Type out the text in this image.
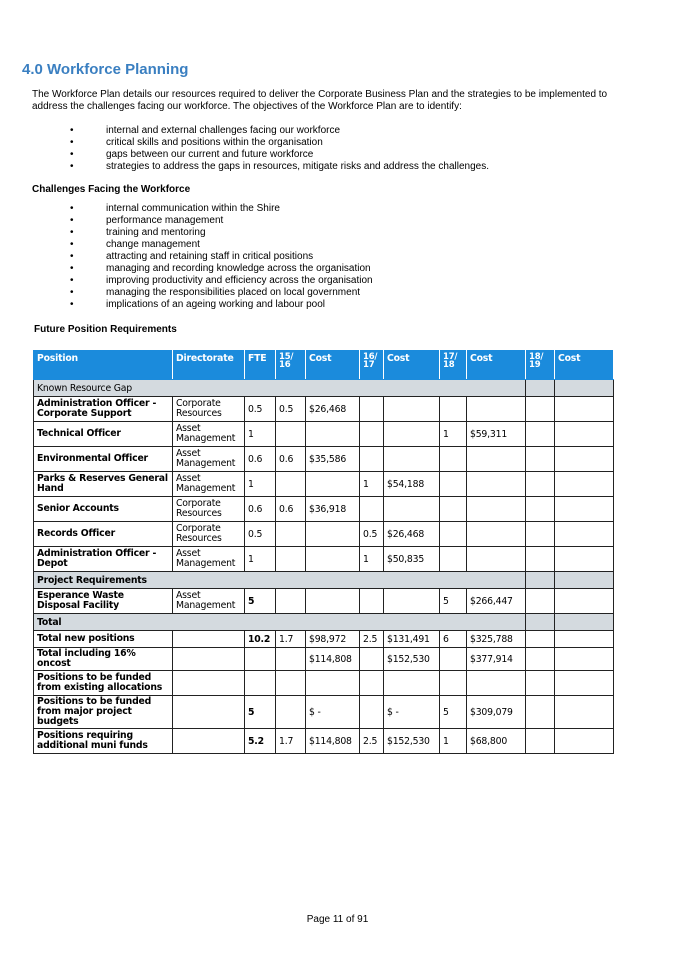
4.0 Workforce Planning
The Workforce Plan details our resources required to deliver the Corporate Business Plan and the strategies to be implemented to address the challenges facing our workforce. The objectives of the Workforce Plan are to identify:
•	internal and external challenges facing our workforce
•	critical skills and positions within the organisation
•	gaps between our current and future workforce
•	strategies to address the gaps in resources, mitigate risks and address the challenges.
Challenges Facing the Workforce
•	internal communication within the Shire
•	performance management
•	training and mentoring
•	change management
•	attracting and retaining staff in critical positions
•	managing and recording knowledge across the organisation
•	improving productivity and efficiency across the organisation
•	managing the responsibilities placed on local government
•	implications of an ageing working and labour pool
Future Position Requirements
Position	Directorate	FTE	15/ 16	Cost	16/ 17	Cost	17/ 18	Cost	18/ 19	Cost
Known Resource Gap										

Administration Officer - Corporate Support	Corporate Resources	0.5	0.5	$26,468						

Technical Officer	Asset Management	1					1	$59,311		

Environmental Officer	Asset Management	0.6	0.6	$35,586						

Parks & Reserves General Hand	Asset Management	1			1	$54,188				

Senior Accounts	Corporate Resources	0.6	0.6	$36,918						

Records Officer	Corporate Resources	0.5			0.5	$26,468				

Administration Officer - Depot	Asset Management	1			1	$50,835				
Project Requirements										

Esperance Waste Disposal Facility	Asset Management	5					5	$266,447		
Total										

Total new positions		10.2	1.7	$98,972	2.5	$131,491	6	$325,788		

Total including 16% oncost				$114,808		$152,530		$377,914		

Positions to be funded from existing allocations										

Positions to be funded from major project budgets		5		$ -		$ -	5	$309,079		

Positions requiring additional muni funds		5.2	1.7	$114,808	2.5	$152,530	1	$68,800		
Page 11 of 91
